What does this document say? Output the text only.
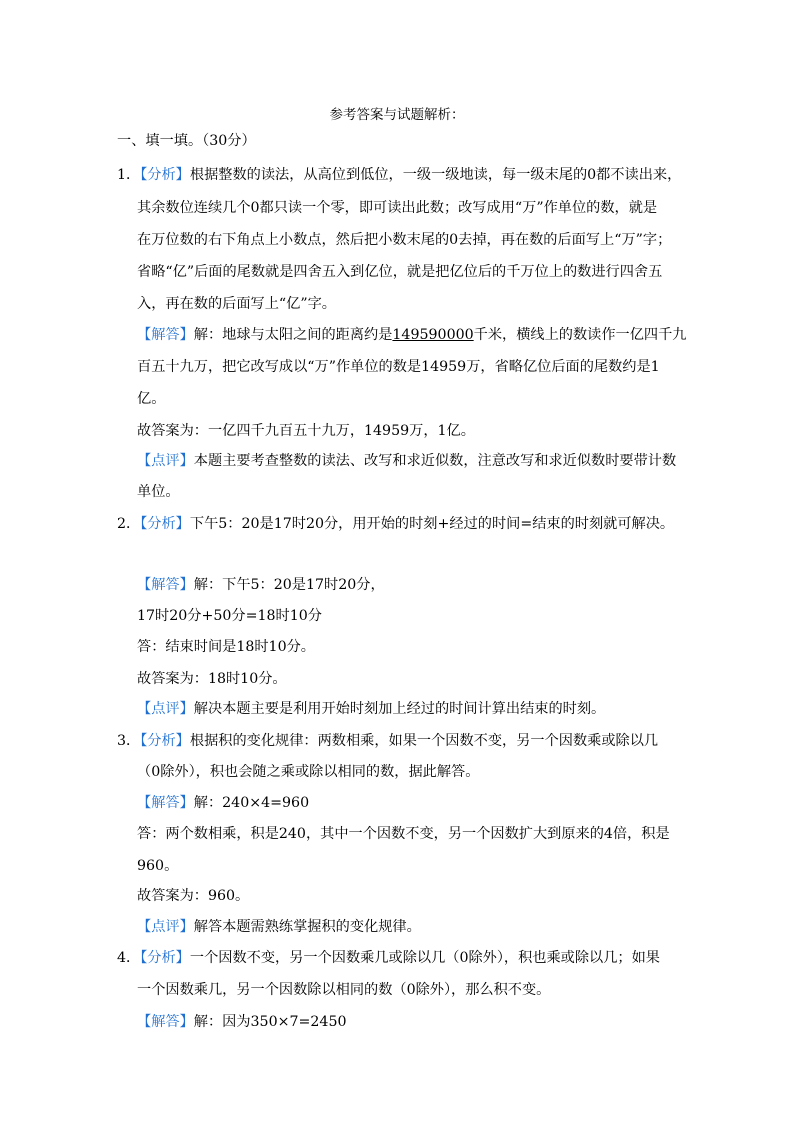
参考答案与试题解析：
一、填一填。（30分）
1．【分析】根据整数的读法，从高位到低位，一级一级地读，每一级末尾的0都不读出来，
其余数位连续几个0都只读一个零，即可读出此数；改写成用“万”作单位的数，就是
在万位数的右下角点上小数点，然后把小数末尾的0去掉，再在数的后面写上“万”字；
省略“亿”后面的尾数就是四舍五入到亿位，就是把亿位后的千万位上的数进行四舍五
入，再在数的后面写上“亿”字。
【解答】解：地球与太阳之间的距离约是149590000千米，横线上的数读作一亿四千九
百五十九万，把它改写成以“万”作单位的数是14959万，省略亿位后面的尾数约是1
亿。
故答案为：一亿四千九百五十九万，14959万，1亿。
【点评】本题主要考查整数的读法、改写和求近似数，注意改写和求近似数时要带计数
单位。
2．【分析】下午5：20是17时20分，用开始的时刻+经过的时间=结束的时刻就可解决。
【解答】解：下午5：20是17时20分，
17时20分+50分=18时10分
答：结束时间是18时10分。
故答案为：18时10分。
【点评】解决本题主要是利用开始时刻加上经过的时间计算出结束的时刻。
3．【分析】根据积的变化规律：两数相乘，如果一个因数不变，另一个因数乘或除以几
（0除外），积也会随之乘或除以相同的数，据此解答。
【解答】解：240×4=960
答：两个数相乘，积是240，其中一个因数不变，另一个因数扩大到原来的4倍，积是
960。
故答案为：960。
【点评】解答本题需熟练掌握积的变化规律。
4．【分析】一个因数不变，另一个因数乘几或除以几（0除外），积也乘或除以几；如果
一个因数乘几，另一个因数除以相同的数（0除外），那么积不变。
【解答】解：因为350×7=2450
